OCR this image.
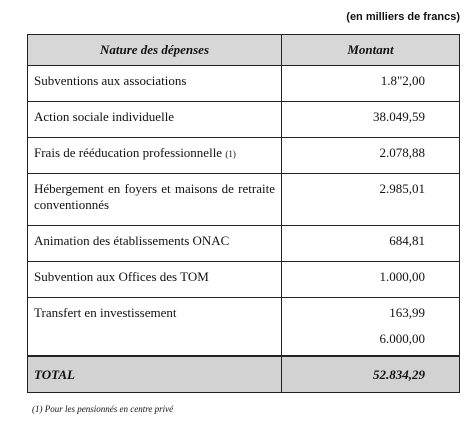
(en milliers de francs)
Nature des dépenses	Montant
Subventions aux associations	1.8"2,00
Action sociale individuelle	38.049,59
Frais de rééducation professionnelle (1)	2.078,88
Hébergement en foyers et maisons de retraite conventionnés	2.985,01
Animation des établissements ONAC	684,81
Subvention aux Offices des TOM	1.000,00
Transfert en investissement	163,99
	6.000,00
TOTAL	52.834,29
(1) Pour les pensionnés en centre privé
